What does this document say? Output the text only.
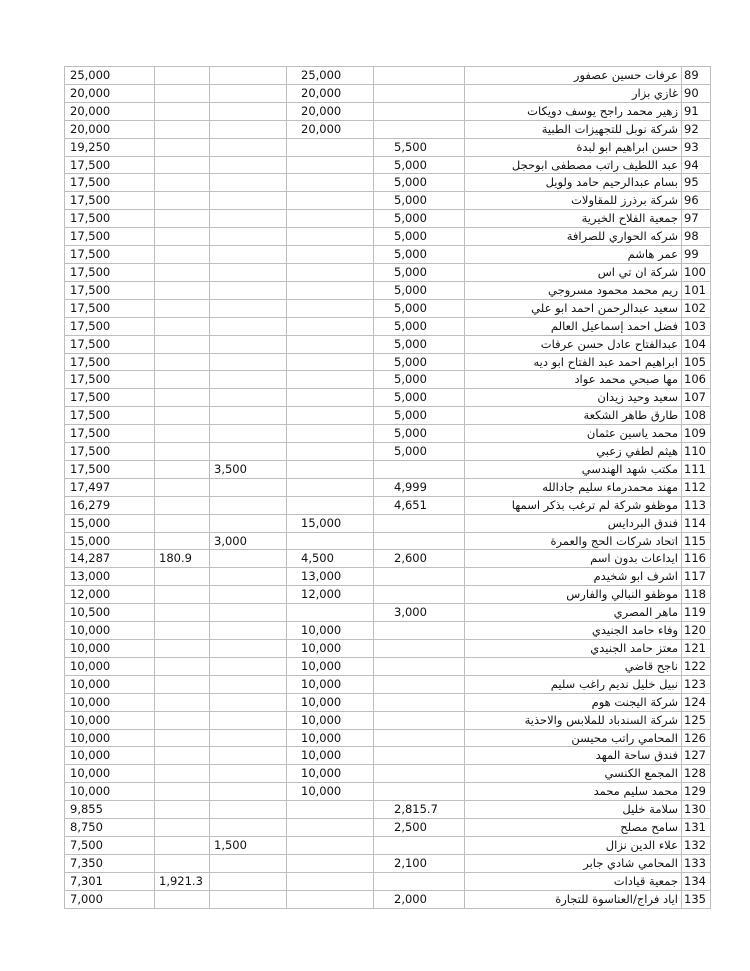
25,000			25,000		عرفات حسين عصفور	89
20,000			20,000		غازي بزار	90
20,000			20,000		زهير محمد راجح يوسف دويكات	91
20,000			20,000		شركة نوبل للتجهيزات الطبية	92
19,250				5,500	حسن ابراهيم ابو لبدة	93
17,500				5,000	عبد اللطيف راتب مصطفى ابوحجل	94
17,500				5,000	بسام عبدالرحيم حامد ولويل	95
17,500				5,000	شركة برذرز للمقاولات	96
17,500				5,000	جمعية الفلاح الخيرية	97
17,500				5,000	شركه الحواري للصرافة	98
17,500				5,000	عمر هاشم	99
17,500				5,000	شركة ان تي اس	100
17,500				5,000	ريم محمد محمود مسروجي	101
17,500				5,000	سعيد عبدالرحمن احمد ابو علي	102
17,500				5,000	فضل احمد إسماعيل العالم	103
17,500				5,000	عبدالفتاح عادل حسن عرفات	104
17,500				5,000	ابراهيم احمد عبد الفتاح ابو ديه	105
17,500				5,000	مها صبحي محمد عواد	106
17,500				5,000	سعيد وحيد زيدان	107
17,500				5,000	طارق طاهر الشكعة	108
17,500				5,000	محمد ياسين عثمان	109
17,500				5,000	هيثم لطفي زعبي	110
17,500		3,500			مكتب شهد الهندسي	111
17,497				4,999	مهند محمدرماء سليم جادالله	112
16,279				4,651	موظفو شركة لم ترغب بذكر اسمها	113
15,000			15,000		فندق البردايس	114
15,000		3,000			اتحاد شركات الحج والعمرة	115
14,287	180.9		4,500	2,600	ايداعات بدون اسم	116
13,000			13,000		اشرف ابو شخيدم	117
12,000			12,000		موظفو النبالي والفارس	118
10,500				3,000	ماهر المصري	119
10,000			10,000		وفاء حامد الجنيدي	120
10,000			10,000		معتز حامد الجنيدي	121
10,000			10,000		ناجح قاضي	122
10,000			10,000		نبيل خليل نديم راغب سليم	123
10,000			10,000		شركة اليجنت هوم	124
10,000			10,000		شركة السندباد للملابس والاحذية	125
10,000			10,000		المحامي راتب محيسن	126
10,000			10,000		فندق ساحة المهد	127
10,000			10,000		المجمع الكنسي	128
10,000			10,000		محمد سليم محمد	129
9,855				2,815.7	سلامة خليل	130
8,750				2,500	سامح مصلح	131
7,500		1,500			علاء الدين نزال	132
7,350				2,100	المحامي شادي جابر	133
7,301	1,921.3				جمعية قيادات	134
7,000				2,000	اياد فراج/العناسوة للتجارة	135
